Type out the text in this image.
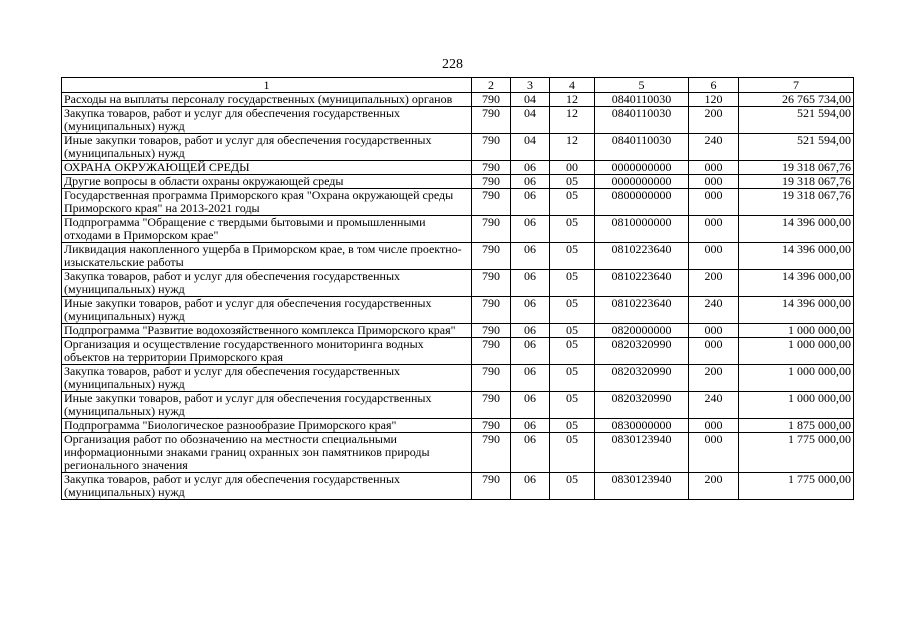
228
1	2	3	4	5	6	7
Расходы на выплаты персоналу государственных (муниципальных) органов	790	04	12	0840110030	120	26 765 734,00
Закупка товаров, работ и услуг для обеспечения государственных (муниципальных) нужд	790	04	12	0840110030	200	521 594,00
Иные закупки товаров, работ и услуг для обеспечения государственных (муниципальных) нужд	790	04	12	0840110030	240	521 594,00
ОХРАНА ОКРУЖАЮЩЕЙ СРЕДЫ	790	06	00	0000000000	000	19 318 067,76
Другие вопросы в области охраны окружающей среды	790	06	05	0000000000	000	19 318 067,76
Государственная программа Приморского края "Охрана окружающей среды Приморского края" на 2013-2021 годы	790	06	05	0800000000	000	19 318 067,76
Подпрограмма "Обращение с твердыми бытовыми и промышленными отходами в Приморском крае"	790	06	05	0810000000	000	14 396 000,00
Ликвидация накопленного ущерба в Приморском крае, в том числе проектно-изыскательские работы	790	06	05	0810223640	000	14 396 000,00
Закупка товаров, работ и услуг для обеспечения государственных (муниципальных) нужд	790	06	05	0810223640	200	14 396 000,00
Иные закупки товаров, работ и услуг для обеспечения государственных (муниципальных) нужд	790	06	05	0810223640	240	14 396 000,00
Подпрограмма "Развитие водохозяйственного комплекса Приморского края"	790	06	05	0820000000	000	1 000 000,00
Организация и осуществление государственного мониторинга водных объектов на территории Приморского края	790	06	05	0820320990	000	1 000 000,00
Закупка товаров, работ и услуг для обеспечения государственных (муниципальных) нужд	790	06	05	0820320990	200	1 000 000,00
Иные закупки товаров, работ и услуг для обеспечения государственных (муниципальных) нужд	790	06	05	0820320990	240	1 000 000,00
Подпрограмма "Биологическое разнообразие Приморского края"	790	06	05	0830000000	000	1 875 000,00
Организация работ по обозначению на местности специальными информационными знаками границ охранных зон памятников природы регионального значения	790	06	05	0830123940	000	1 775 000,00
Закупка товаров, работ и услуг для обеспечения государственных (муниципальных) нужд	790	06	05	0830123940	200	1 775 000,00
